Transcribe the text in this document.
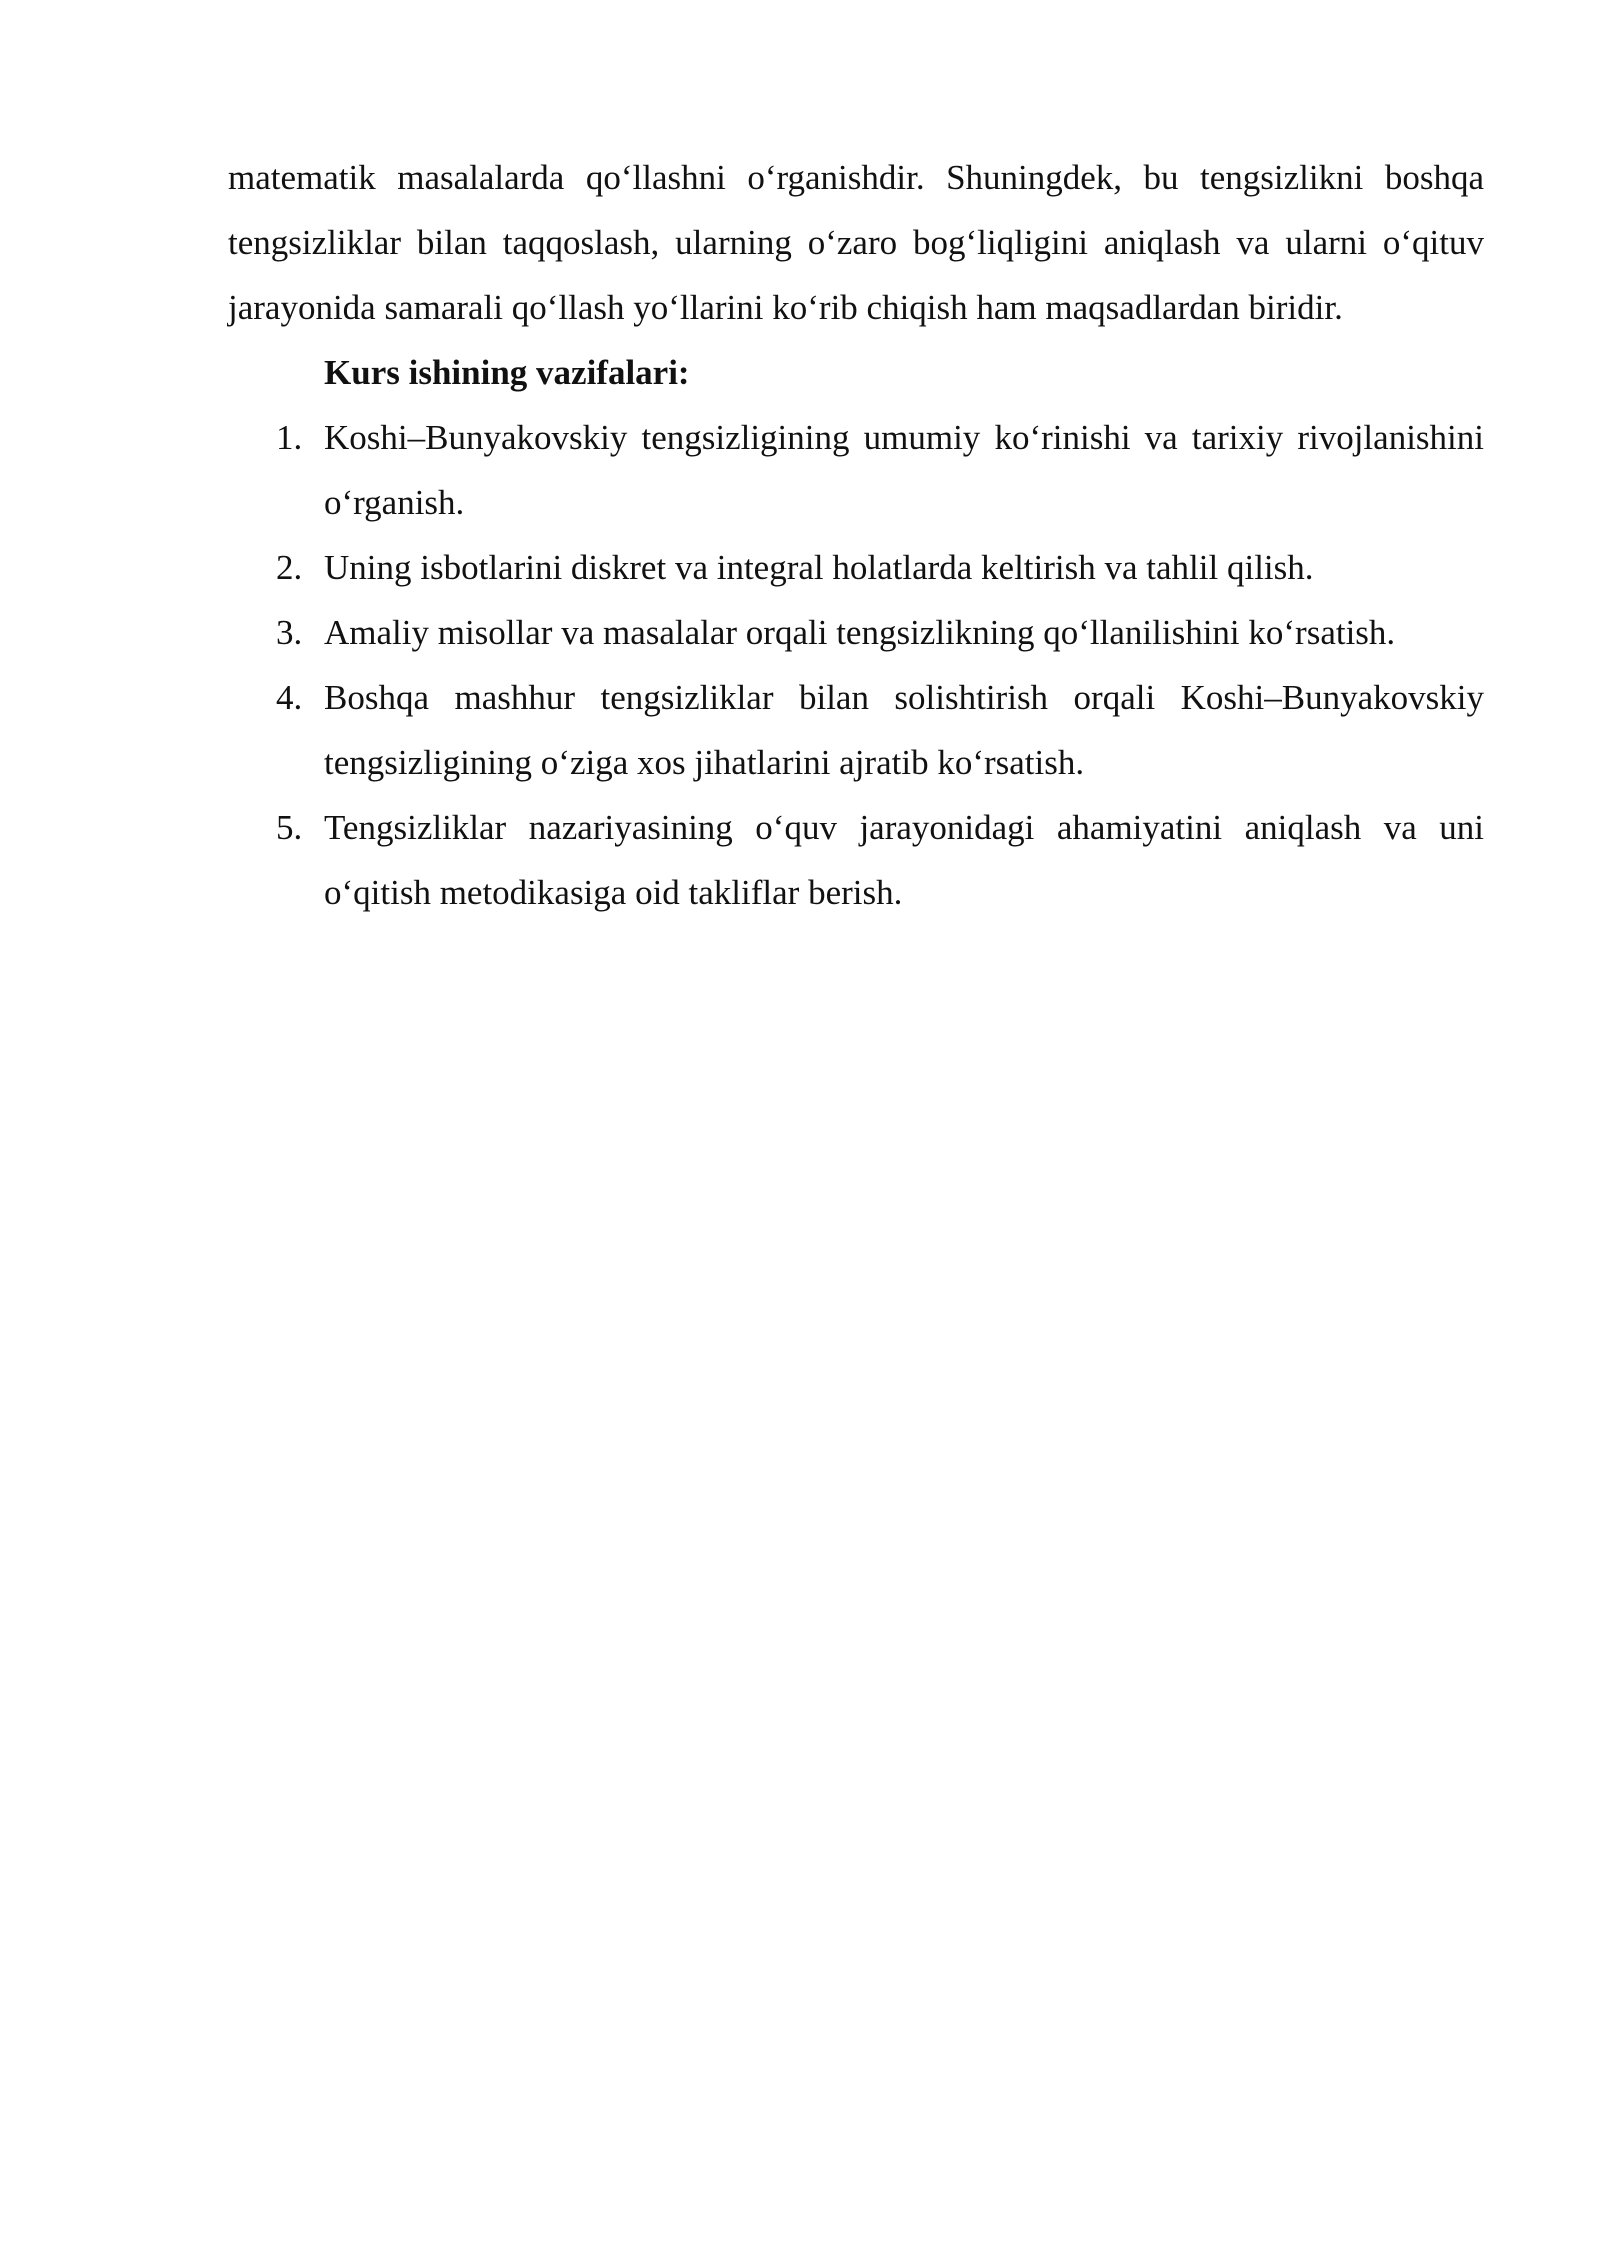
matematik masalalarda qo‘llashni o‘rganishdir. Shuningdek, bu tengsizlikni boshqa tengsizliklar bilan taqqoslash, ularning o‘zaro bog‘liqligini aniqlash va ularni o‘qituv jarayonida samarali qo‘llash yo‘llarini ko‘rib chiqish ham maqsadlardan biridir.

Kurs ishining vazifalari:

1. Koshi–Bunyakovskiy tengsizligining umumiy ko‘rinishi va tarixiy rivojlanishini o‘rganish.
2. Uning isbotlarini diskret va integral holatlarda keltirish va tahlil qilish.
3. Amaliy misollar va masalalar orqali tengsizlikning qo‘llanilishini ko‘rsatish.
4. Boshqa mashhur tengsizliklar bilan solishtirish orqali Koshi–Bunyakovskiy tengsizligining o‘ziga xos jihatlarini ajratib ko‘rsatish.
5. Tengsizliklar nazariyasining o‘quv jarayonidagi ahamiyatini aniqlash va uni o‘qitish metodikasiga oid takliflar berish.
